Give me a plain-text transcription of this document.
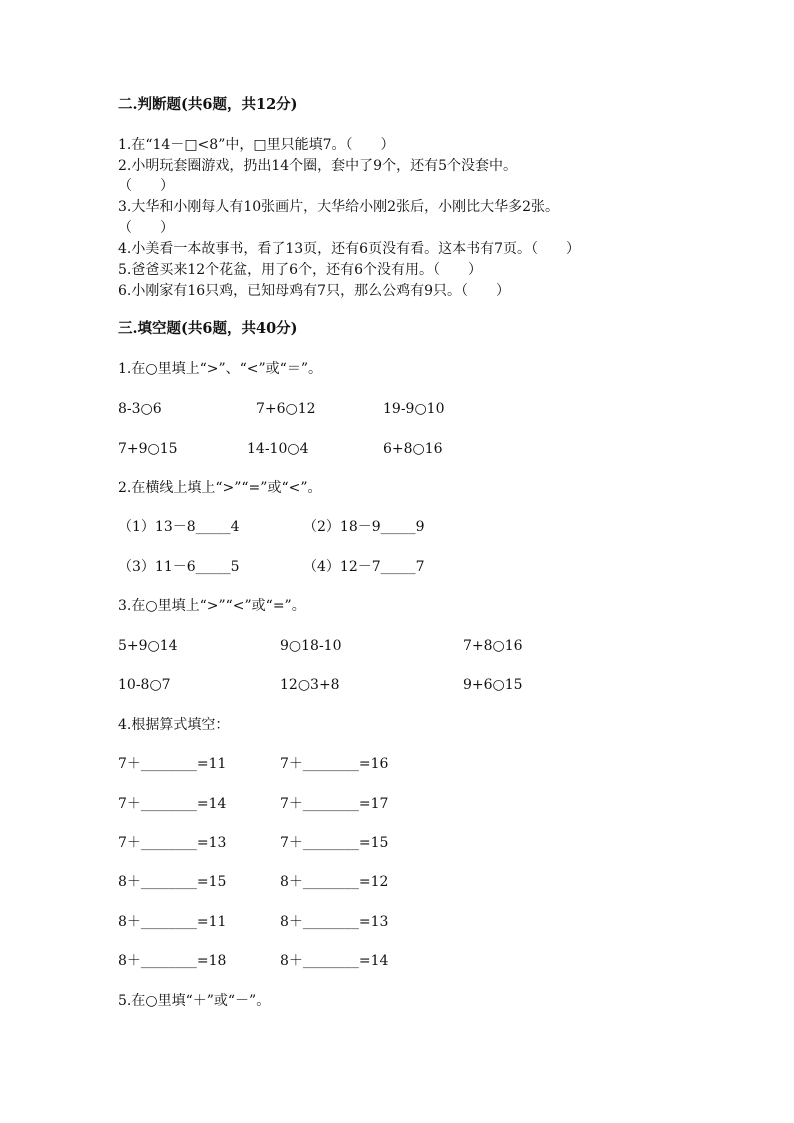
二.判断题(共6题，共12分)
1.在“14－□<8”中，□里只能填7。（　　）
2.小明玩套圈游戏，扔出14个圈，套中了9个，还有5个没套中。
（　　）
3.大华和小刚每人有10张画片，大华给小刚2张后，小刚比大华多2张。
（　　）
4.小美看一本故事书，看了13页，还有6页没有看。这本书有7页。（　　）
5.爸爸买来12个花盆，用了6个，还有6个没有用。（　　）
6.小刚家有16只鸡，已知母鸡有7只，那么公鸡有9只。（　　）
三.填空题(共6题，共40分)
1.在○里填上“>”、“<”或“＝”。
8-3○6	7+6○12	19-9○10
7+9○15	14-10○4	6+8○16
2.在横线上填上“>”“=”或“<”。
（1）13－8_____4	（2）18－9_____9
（3）11－6_____5	（4）12－7_____7
3.在○里填上“>”“<”或“=”。
5+9○14	9○18-10	7+8○16
10-8○7	12○3+8	9+6○15
4.根据算式填空：
7＋________=11	7＋________=16
7＋________=14	7＋________=17
7＋________=13	7＋________=15
8＋________=15	8＋________=12
8＋________=11	8＋________=13
8＋________=18	8＋________=14
5.在○里填“＋”或“－”。
